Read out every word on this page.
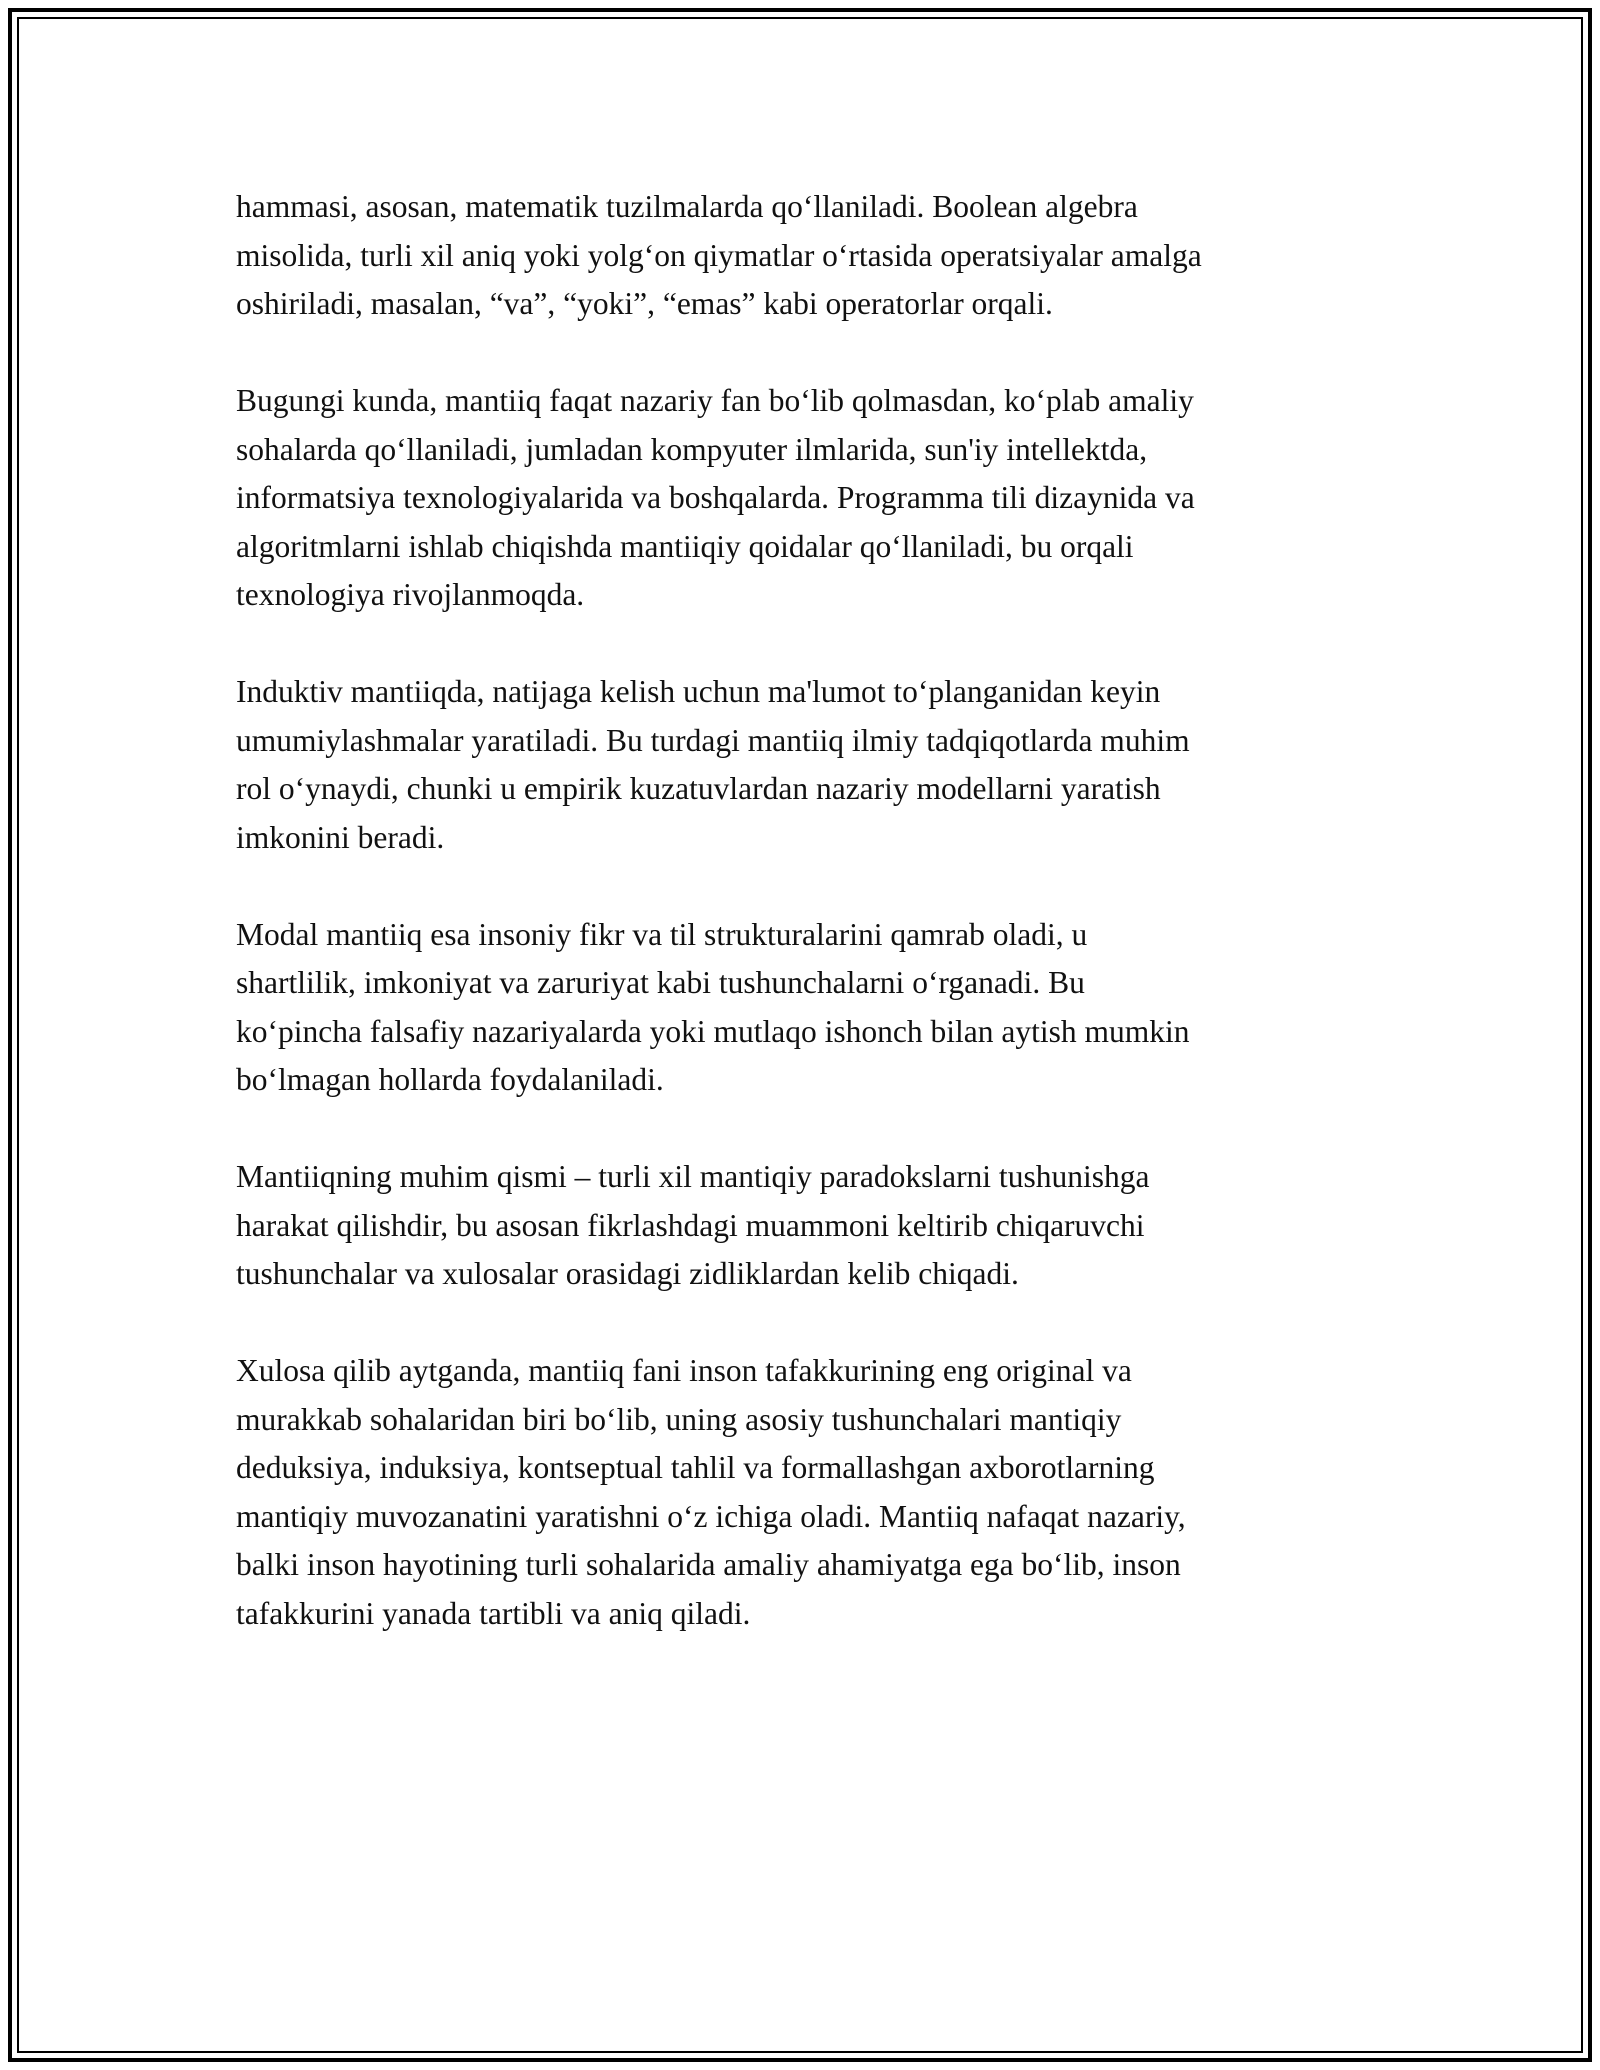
hammasi, asosan, matematik tuzilmalarda qo‘llaniladi. Boolean algebra
misolida, turli xil aniq yoki yolg‘on qiymatlar o‘rtasida operatsiyalar amalga
oshiriladi, masalan, “va”, “yoki”, “emas” kabi operatorlar orqali.

Bugungi kunda, mantiiq faqat nazariy fan bo‘lib qolmasdan, ko‘plab amaliy
sohalarda qo‘llaniladi, jumladan kompyuter ilmlarida, sun'iy intellektda,
informatsiya texnologiyalarida va boshqalarda. Programma tili dizaynida va
algoritmlarni ishlab chiqishda mantiiqiy qoidalar qo‘llaniladi, bu orqali
texnologiya rivojlanmoqda.

Induktiv mantiiqda, natijaga kelish uchun ma'lumot to‘planganidan keyin
umumiylashmalar yaratiladi. Bu turdagi mantiiq ilmiy tadqiqotlarda muhim
rol o‘ynaydi, chunki u empirik kuzatuvlardan nazariy modellarni yaratish
imkonini beradi.

Modal mantiiq esa insoniy fikr va til strukturalarini qamrab oladi, u
shartlilik, imkoniyat va zaruriyat kabi tushunchalarni o‘rganadi. Bu
ko‘pincha falsafiy nazariyalarda yoki mutlaqo ishonch bilan aytish mumkin
bo‘lmagan hollarda foydalaniladi.

Mantiiqning muhim qismi – turli xil mantiqiy paradokslarni tushunishga
harakat qilishdir, bu asosan fikrlashdagi muammoni keltirib chiqaruvchi
tushunchalar va xulosalar orasidagi zidliklardan kelib chiqadi.

Xulosa qilib aytganda, mantiiq fani inson tafakkurining eng original va
murakkab sohalaridan biri bo‘lib, uning asosiy tushunchalari mantiqiy
deduksiya, induksiya, kontseptual tahlil va formallashgan axborotlarning
mantiqiy muvozanatini yaratishni o‘z ichiga oladi. Mantiiq nafaqat nazariy,
balki inson hayotining turli sohalarida amaliy ahamiyatga ega bo‘lib, inson
tafakkurini yanada tartibli va aniq qiladi.
